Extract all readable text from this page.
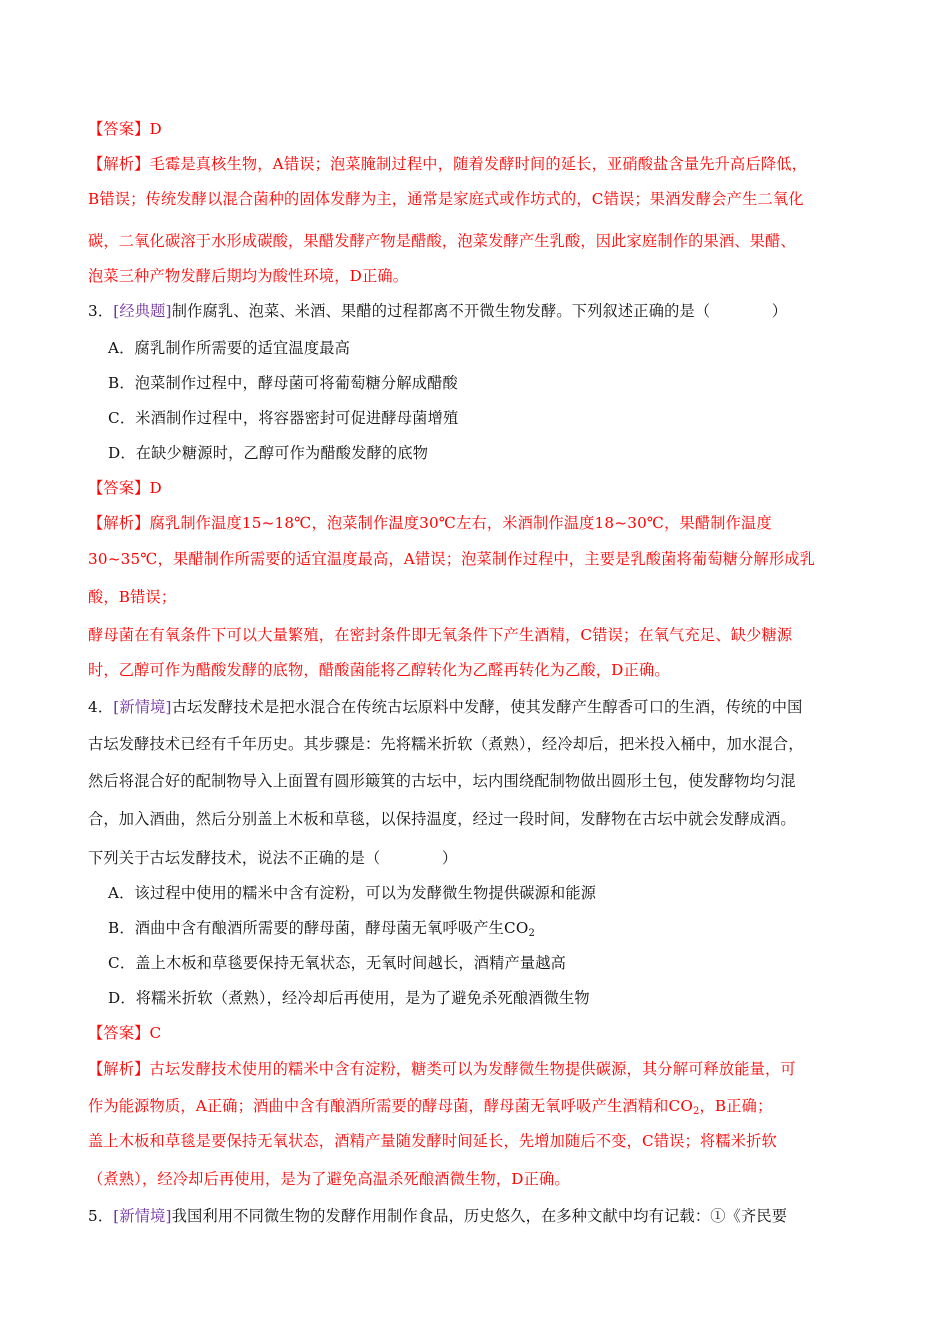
【答案】D
【解析】毛霉是真核生物，A错误；泡菜腌制过程中，随着发酵时间的延长，亚硝酸盐含量先升高后降低，
B错误；传统发酵以混合菌种的固体发酵为主，通常是家庭式或作坊式的，C错误；果酒发酵会产生二氧化
碳，二氧化碳溶于水形成碳酸，果醋发酵产物是醋酸，泡菜发酵产生乳酸，因此家庭制作的果酒、果醋、
泡菜三种产物发酵后期均为酸性环境，D正确。
3．[经典题]制作腐乳、泡菜、米酒、果醋的过程都离不开微生物发酵。下列叙述正确的是（　　　　）
A．腐乳制作所需要的适宜温度最高
B．泡菜制作过程中，酵母菌可将葡萄糖分解成醋酸
C．米酒制作过程中，将容器密封可促进酵母菌增殖
D．在缺少糖源时，乙醇可作为醋酸发酵的底物
【答案】D
【解析】腐乳制作温度15~18℃，泡菜制作温度30℃左右，米酒制作温度18~30℃，果醋制作温度
30~35℃，果醋制作所需要的适宜温度最高，A错误；泡菜制作过程中，主要是乳酸菌将葡萄糖分解形成乳
酸，B错误；
酵母菌在有氧条件下可以大量繁殖，在密封条件即无氧条件下产生酒精，C错误；在氧气充足、缺少糖源
时，乙醇可作为醋酸发酵的底物，醋酸菌能将乙醇转化为乙醛再转化为乙酸，D正确。
4．[新情境]古坛发酵技术是把水混合在传统古坛原料中发酵，使其发酵产生醇香可口的生酒，传统的中国
古坛发酵技术已经有千年历史。其步骤是：先将糯米折软（煮熟），经冷却后，把米投入桶中，加水混合，
然后将混合好的配制物导入上面置有圆形簸箕的古坛中，坛内围绕配制物做出圆形土包，使发酵物均匀混
合，加入酒曲，然后分别盖上木板和草毯，以保持温度，经过一段时间，发酵物在古坛中就会发酵成酒。
下列关于古坛发酵技术，说法不正确的是（　　　　）
A．该过程中使用的糯米中含有淀粉，可以为发酵微生物提供碳源和能源
B．酒曲中含有酿酒所需要的酵母菌，酵母菌无氧呼吸产生$CO_2$
C．盖上木板和草毯要保持无氧状态，无氧时间越长，酒精产量越高
D．将糯米折软（煮熟），经冷却后再使用，是为了避免杀死酿酒微生物
【答案】C
【解析】古坛发酵技术使用的糯米中含有淀粉，糖类可以为发酵微生物提供碳源，其分解可释放能量，可
作为能源物质，A正确；酒曲中含有酿酒所需要的酵母菌，酵母菌无氧呼吸产生酒精和$CO_2$，B正确；
盖上木板和草毯是要保持无氧状态，酒精产量随发酵时间延长，先增加随后不变，C错误；将糯米折软
（煮熟），经冷却后再使用，是为了避免高温杀死酿酒微生物，D正确。
5．[新情境]我国利用不同微生物的发酵作用制作食品，历史悠久，在多种文献中均有记载：①《齐民要
